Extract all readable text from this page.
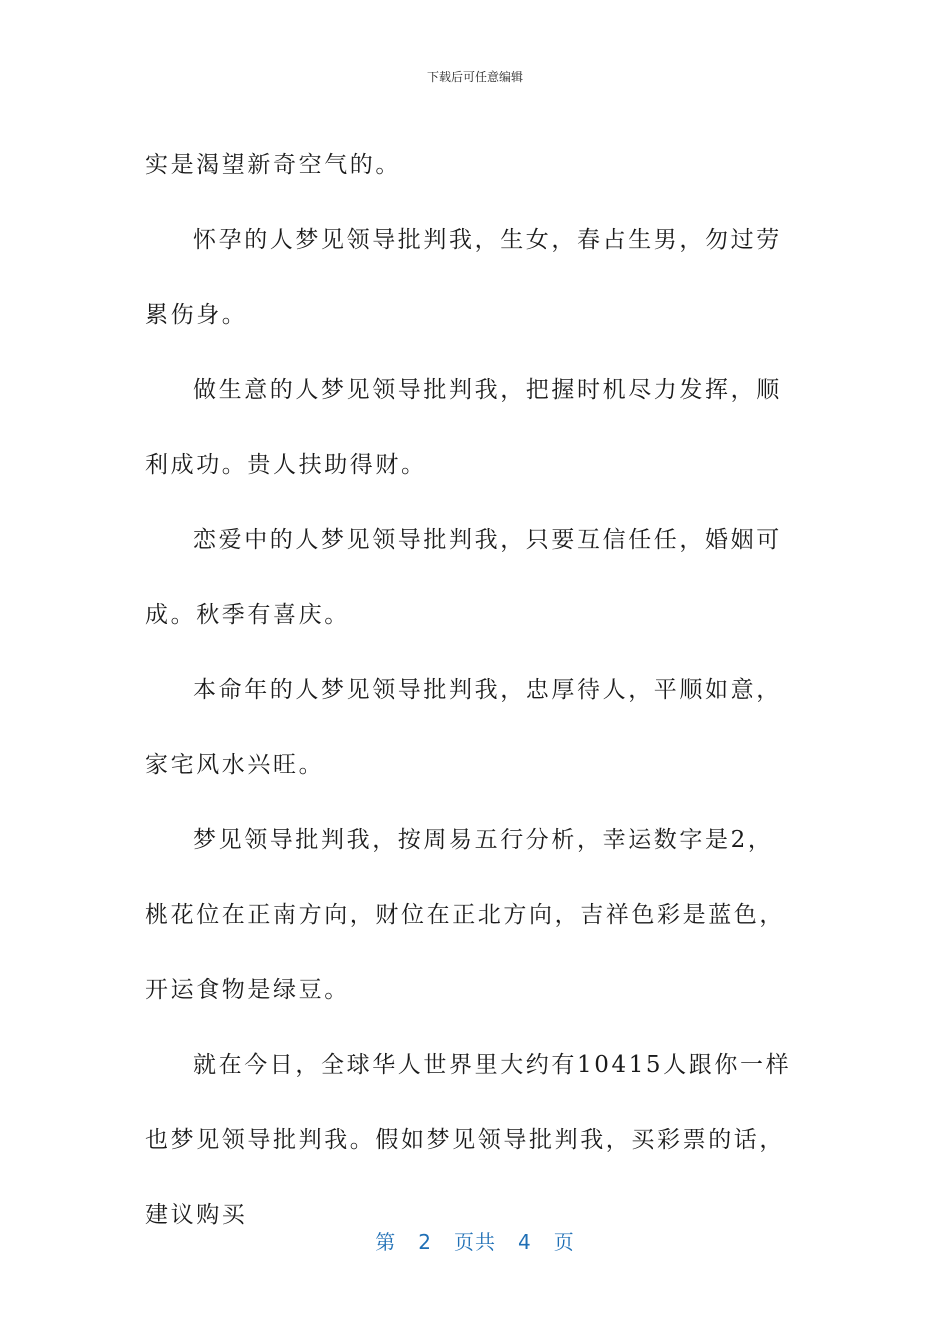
下载后可任意编辑

实是渴望新奇空气的。

怀孕的人梦见领导批判我，生女，春占生男，勿过劳累伤身。

做生意的人梦见领导批判我，把握时机尽力发挥，顺利成功。贵人扶助得财。

恋爱中的人梦见领导批判我，只要互信任任，婚姻可成。秋季有喜庆。

本命年的人梦见领导批判我，忠厚待人，平顺如意，家宅风水兴旺。

梦见领导批判我，按周易五行分析，幸运数字是2，桃花位在正南方向，财位在正北方向，吉祥色彩是蓝色，开运食物是绿豆。

就在今日，全球华人世界里大约有10415人跟你一样也梦见领导批判我。假如梦见领导批判我，买彩票的话，建议购买

第 2 页共 4 页
